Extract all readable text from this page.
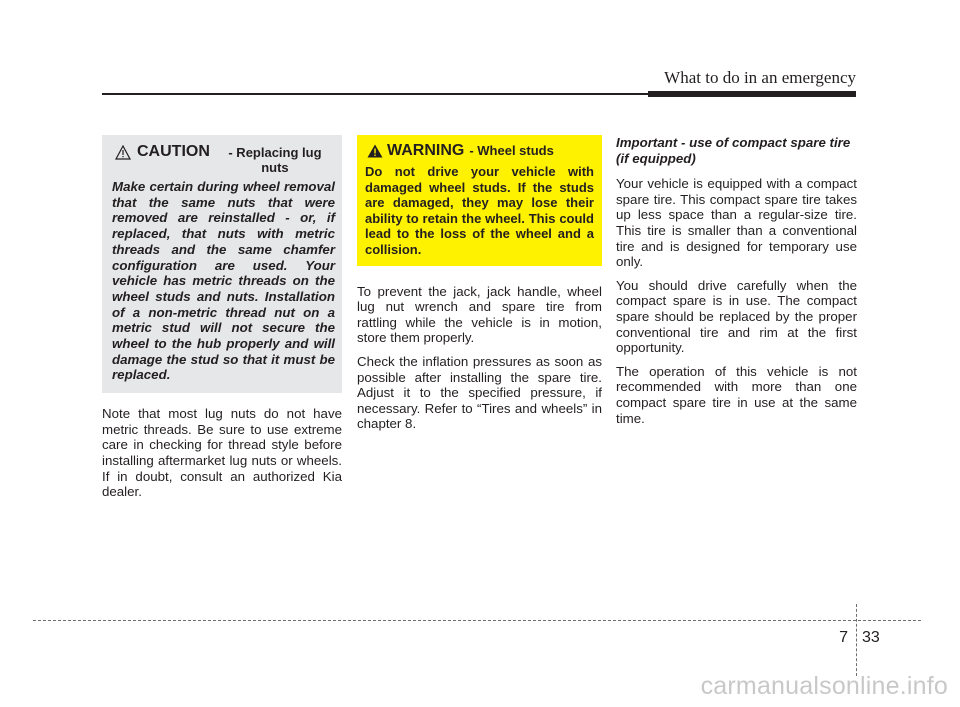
What to do in an emergency
CAUTION	- Replacing lug nuts

Make certain during wheel removal that the same nuts that were removed are reinstalled - or, if replaced, that nuts with metric threads and the same chamfer configuration are used. Your vehicle has metric threads on the wheel studs and nuts. Installation of a non-metric thread nut on a metric stud will not secure the wheel to the hub properly and will damage the stud so that it must be replaced.

Note that most lug nuts do not have metric threads. Be sure to use extreme care in checking for thread style before installing aftermarket lug nuts or wheels. If in doubt, consult an authorized Kia dealer.

WARNING - Wheel studs

Do not drive your vehicle with damaged wheel studs. If the studs are damaged, they may lose their ability to retain the wheel. This could lead to the loss of the wheel and a collision.

To prevent the jack, jack handle, wheel lug nut wrench and spare tire from rattling while the vehicle is in motion, store them properly.

Check the inflation pressures as soon as possible after installing the spare tire. Adjust it to the specified pressure, if necessary. Refer to “Tires and wheels” in chapter 8.

Important - use of compact spare tire (if equipped)

Your vehicle is equipped with a compact spare tire. This compact spare tire takes up less space than a regular-size tire. This tire is smaller than a conventional tire and is designed for temporary use only.

You should drive carefully when the compact spare is in use. The compact spare should be replaced by the proper conventional tire and rim at the first opportunity.

The operation of this vehicle is not recommended with more than one compact spare tire in use at the same time.

7 33
carmanualsonline.info
